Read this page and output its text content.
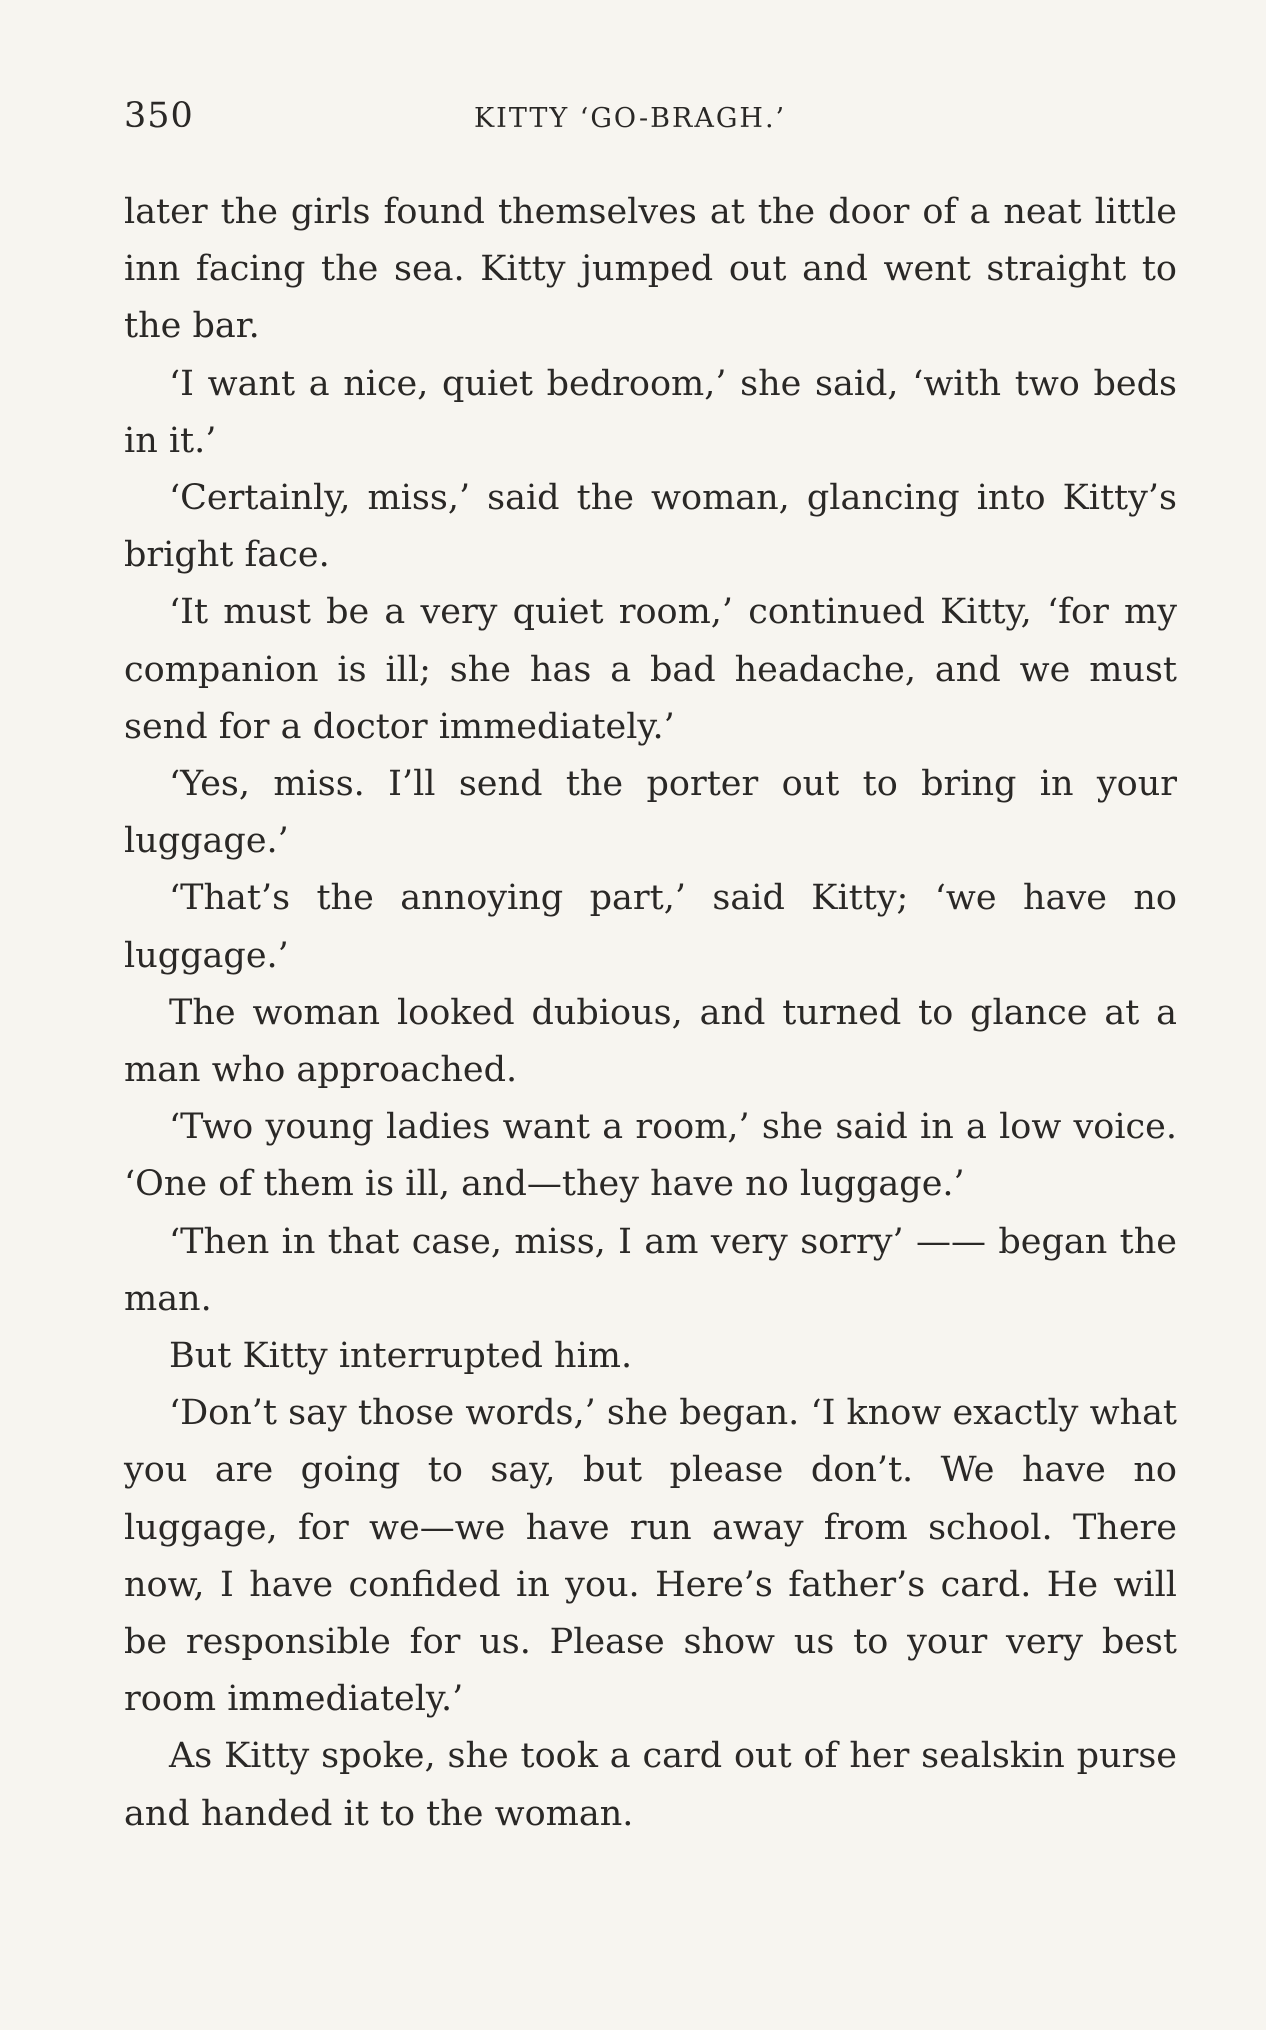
350	KITTY ‘GO-BRAGH.’

later the girls found themselves at the door of a neat little inn facing the sea. Kitty jumped out and went straight to the bar.

‘I want a nice, quiet bedroom,’ she said, ‘with two beds in it.’

‘Certainly, miss,’ said the woman, glancing into Kitty’s bright face.

‘It must be a very quiet room,’ continued Kitty, ‘for my companion is ill; she has a bad headache, and we must send for a doctor immediately.’

‘Yes, miss. I’ll send the porter out to bring in your luggage.’

‘That’s the annoying part,’ said Kitty; ‘we have no luggage.’

The woman looked dubious, and turned to glance at a man who approached.

‘Two young ladies want a room,’ she said in a low voice. ‘One of them is ill, and—they have no luggage.’

‘Then in that case, miss, I am very sorry’ —— began the man.

But Kitty interrupted him.

‘Don’t say those words,’ she began. ‘I know exactly what you are going to say, but please don’t. We have no luggage, for we—we have run away from school. There now, I have confided in you. Here’s father’s card. He will be responsible for us. Please show us to your very best room immediately.’

As Kitty spoke, she took a card out of her sealskin purse and handed it to the woman.
